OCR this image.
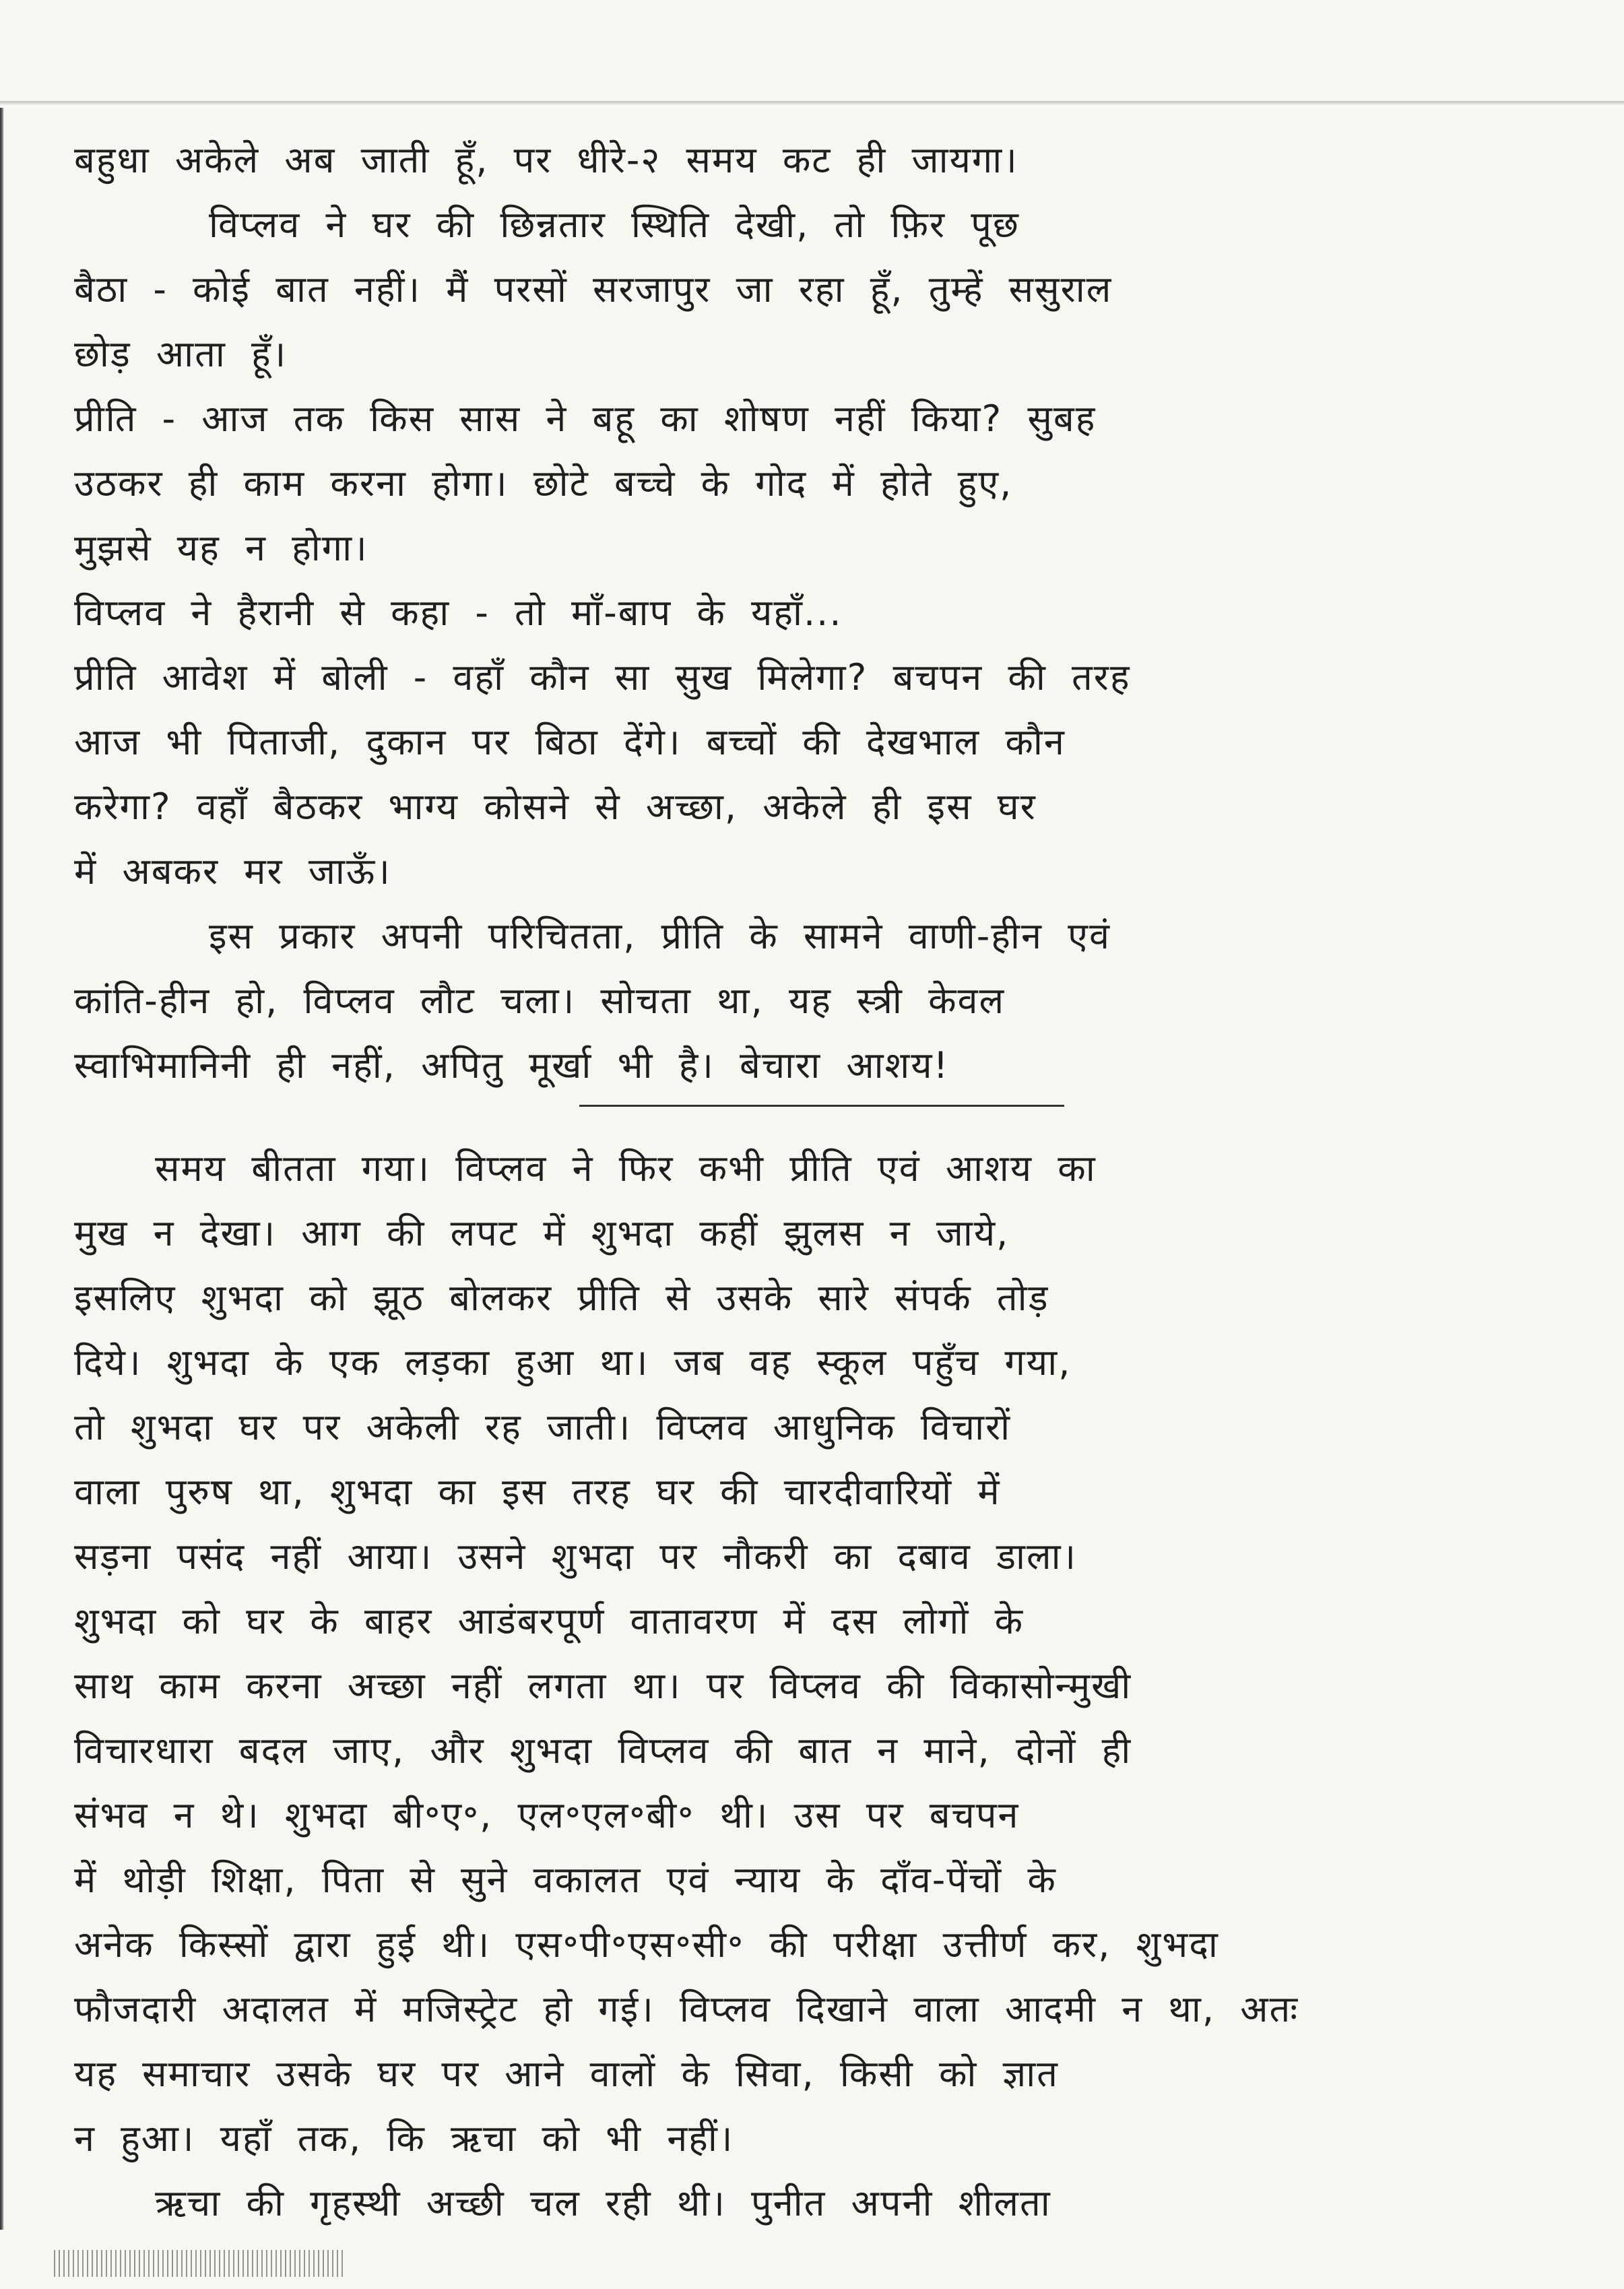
बहुधा अकेले अब जाती हूँ, पर धीरे-२ समय कट ही जायगा।
विप्लव ने घर की छिन्नतार स्थिति देखी, तो फ़िर पूछ
बैठा - कोई बात नहीं। मैं परसों सरजापुर जा रहा हूँ, तुम्हें ससुराल
छोड़ आता हूँ।
प्रीति - आज तक किस सास ने बहू का शोषण नहीं किया? सुबह
उठकर ही काम करना होगा। छोटे बच्चे के गोद में होते हुए,
मुझसे यह न होगा।
विप्लव ने हैरानी से कहा - तो माँ-बाप के यहाँ...
प्रीति आवेश में बोली - वहाँ कौन सा सुख मिलेगा? बचपन की तरह
आज भी पिताजी, दुकान पर बिठा देंगे। बच्चों की देखभाल कौन
करेगा? वहाँ बैठकर भाग्य कोसने से अच्छा, अकेले ही इस घर
में अबकर मर जाऊँ।
इस प्रकार अपनी परिचितता, प्रीति के सामने वाणी-हीन एवं
कांति-हीन हो, विप्लव लौट चला। सोचता था, यह स्त्री केवल
स्वाभिमानिनी ही नहीं, अपितु मूर्खा भी है। बेचारा आशय!
समय बीतता गया। विप्लव ने फिर कभी प्रीति एवं आशय का
मुख न देखा। आग की लपट में शुभदा कहीं झुलस न जाये,
इसलिए शुभदा को झूठ बोलकर प्रीति से उसके सारे संपर्क तोड़
दिये। शुभदा के एक लड़का हुआ था। जब वह स्कूल पहुँच गया,
तो शुभदा घर पर अकेली रह जाती। विप्लव आधुनिक विचारों
वाला पुरुष था, शुभदा का इस तरह घर की चारदीवारियों में
सड़ना पसंद नहीं आया। उसने शुभदा पर नौकरी का दबाव डाला।
शुभदा को घर के बाहर आडंबरपूर्ण वातावरण में दस लोगों के
साथ काम करना अच्छा नहीं लगता था। पर विप्लव की विकासोन्मुखी
विचारधारा बदल जाए, और शुभदा विप्लव की बात न माने, दोनों ही
संभव न थे। शुभदा बी॰ए॰, एल॰एल॰बी॰ थी। उस पर बचपन
में थोड़ी शिक्षा, पिता से सुने वकालत एवं न्याय के दाँव-पेंचों के
अनेक किस्सों द्वारा हुई थी। एस॰पी॰एस॰सी॰ की परीक्षा उत्तीर्ण कर, शुभदा
फौजदारी अदालत में मजिस्ट्रेट हो गई। विप्लव दिखाने वाला आदमी न था, अतः
यह समाचार उसके घर पर आने वालों के सिवा, किसी को ज्ञात
न हुआ। यहाँ तक, कि ऋचा को भी नहीं।
ऋचा की गृहस्थी अच्छी चल रही थी। पुनीत अपनी शीलता
